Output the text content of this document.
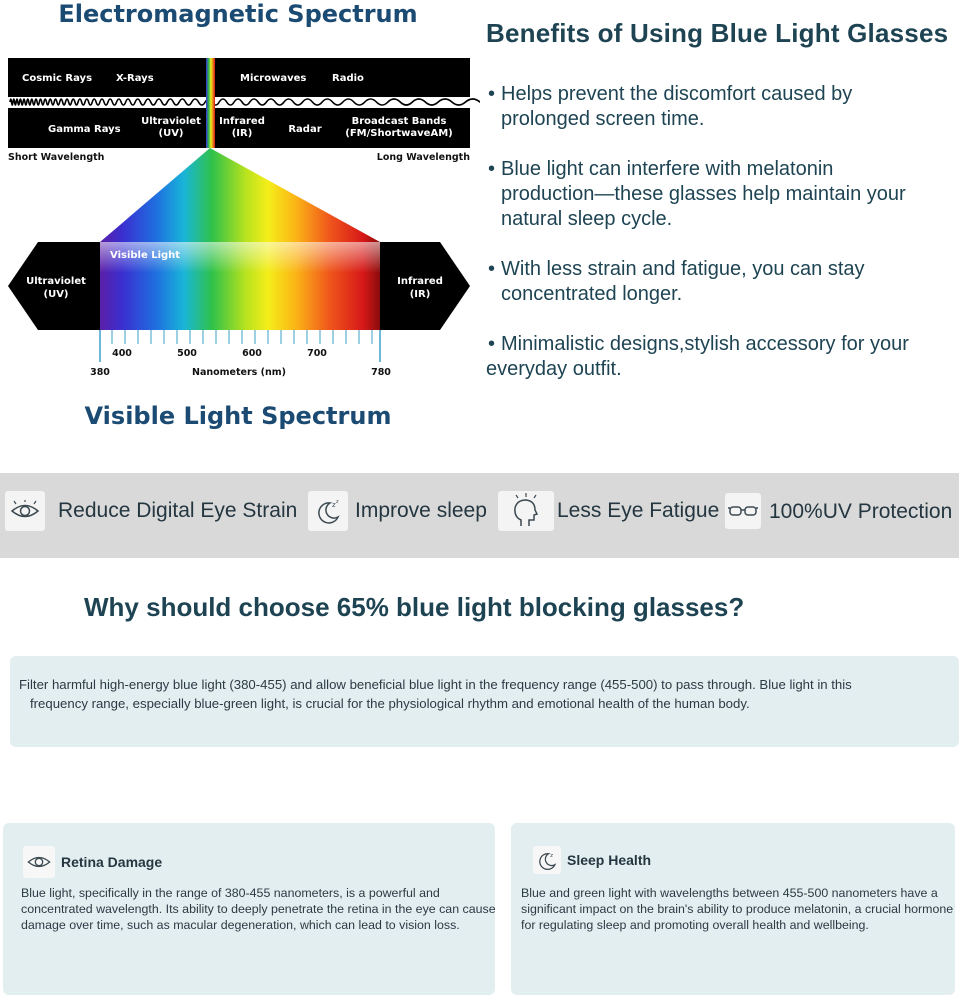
Electromagnetic Spectrum
Cosmic Rays X-Rays	Microwaves	Radio
Gamma Rays
Ultraviolet
(UV)
Infrared
(IR)	Radar
Broadcast Bands
(FM/ShortwaveAM)
Short Wavelength	Long Wavelength
Ultraviolet
(UV)
Infrared
(IR)
Visible Light
400	500	600	700
380	780
Nanometers (nm)
Visible Light Spectrum
Benefits of Using Blue Light Glasses
• Helps prevent the discomfort caused by
prolonged screen time.
• Blue light can interfere with melatonin
production—these glasses help maintain your
natural sleep cycle.
• With less strain and fatigue, you can stay
concentrated longer.
• Minimalistic designs,stylish accessory for your
everyday outfit.
Reduce Digital Eye Strain	z z Improve sleep	Less Eye Fatigue 100%UV Protection
Why should choose 65% blue light blocking glasses?

Filter harmful high-energy blue light (380-455) and allow beneficial blue light in the frequency range (455-500) to pass through. Blue light in this

frequency range, especially blue-green light, is crucial for the physiological rhythm and emotional health of the human body.

Retina Damage

Blue light, specifically in the range of 380-455 nanometers, is a powerful and concentrated wavelength. Its ability to deeply penetrate the retina in the eye can cause damage over time, such as macular degeneration, which can lead to vision loss.

z Sleep Health

Blue and green light with wavelengths between 455-500 nanometers have a significant impact on the brain's ability to produce melatonin, a crucial hormone for regulating sleep and promoting overall health and wellbeing.
